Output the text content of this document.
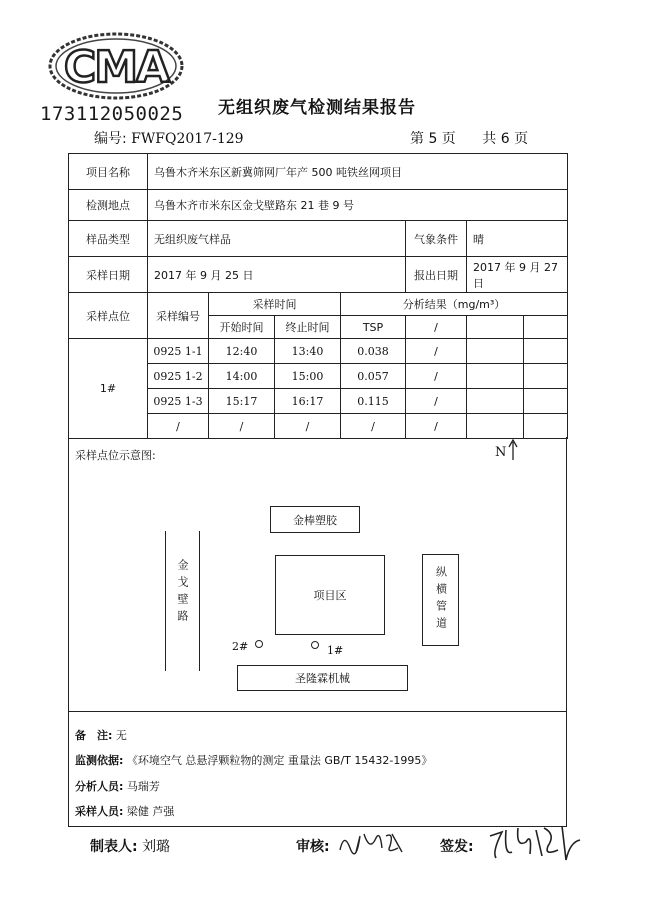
CMA
173112050025 无组织废气检测结果报告
编号: FWFQ2017-129	第 5 页 共 6 页
项目名称	乌鲁木齐米东区新冀筛网厂年产 500 吨铁丝网项目						
检测地点	乌鲁木齐市米东区金戈壁路东 21 巷 9 号						
样品类型	无组织废气样品				气象条件	晴	
采样日期	2017 年 9 月 25 日				报出日期	2017 年 9 月 27 日	
采样点位	采样编号	采样时间		分析结果（mg/m³）			
		开始时间	终止时间	TSP	/		
1#	0925 1-1	12:40	13:40	0.038	/		
	0925 1-2	14:00	15:00	0.057	/		
	0925 1-3	15:17	16:17	0.115	/		
	/	/	/	/	/		
采样点位示意图:	N
金棒塑胶
项目区
圣隆霖机械
金戈壁路	纵横管道
2#	1#
备　注: 无
监测依据: 《环境空气 总悬浮颗粒物的测定 重量法 GB/T 15432-1995》
分析人员: 马瑞芳
采样人员: 梁健 芦强
制表人: 刘璐	审核:	签发:
